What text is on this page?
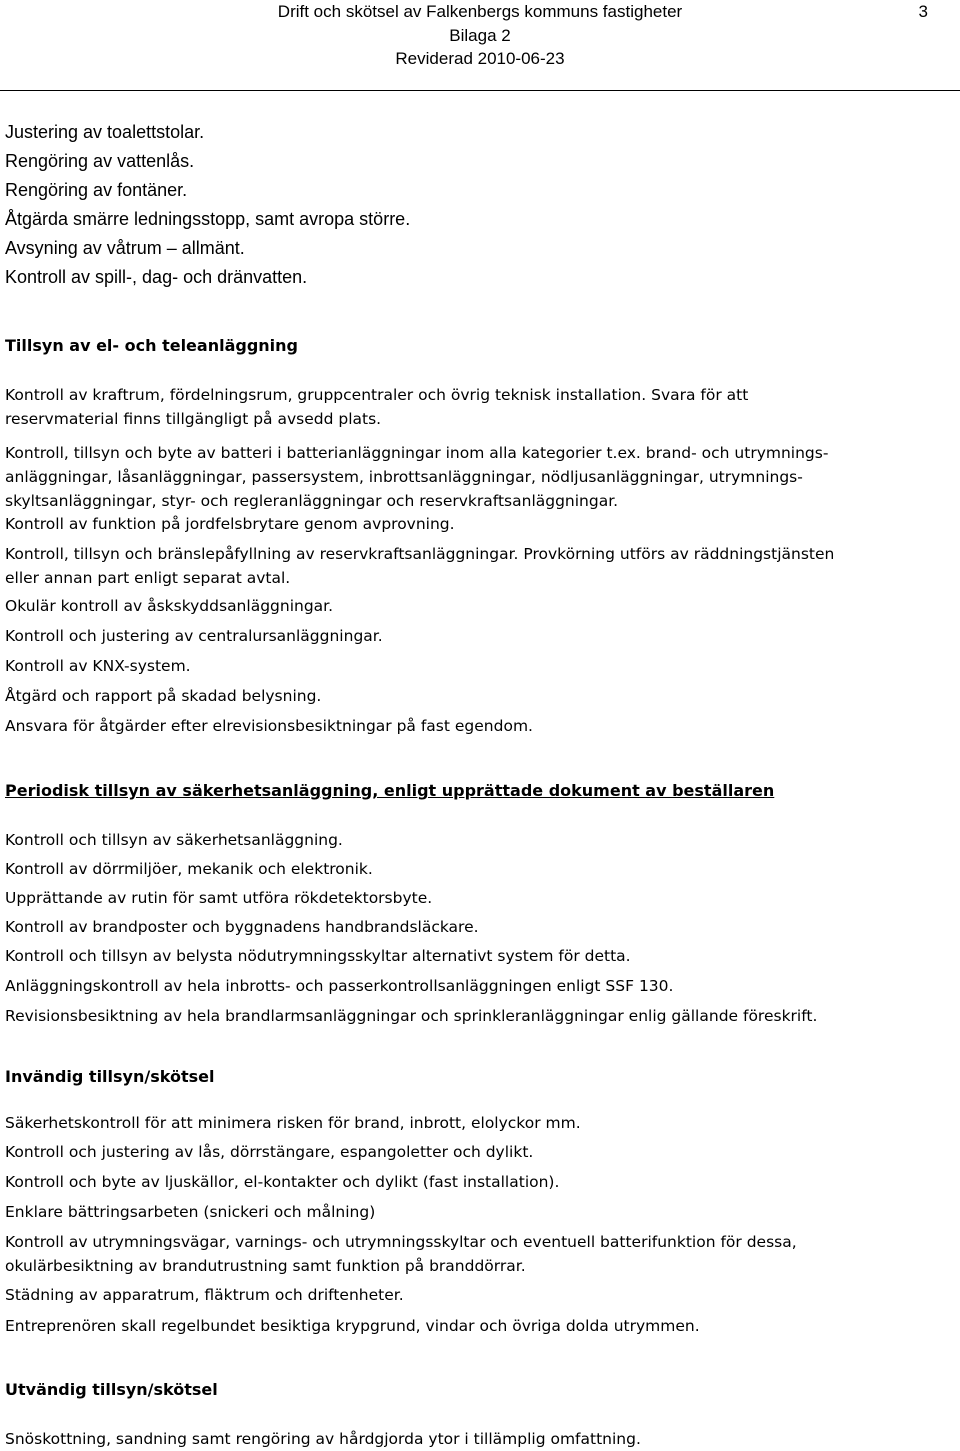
Drift och skötsel av Falkenbergs kommuns fastigheter
Bilaga 2
Reviderad 2010-06-23
3
Justering av toalettstolar.
Rengöring av vattenlås.
Rengöring av fontäner.
Åtgärda smärre ledningsstopp, samt avropa större.
Avsyning av våtrum – allmänt.
Kontroll av spill-, dag- och dränvatten.
Tillsyn av el- och teleanläggning
Kontroll av kraftrum, fördelningsrum, gruppcentraler och övrig teknisk installation. Svara för att
reservmaterial finns tillgängligt på avsedd plats.
Kontroll, tillsyn och byte av batteri i batterianläggningar inom alla kategorier t.ex. brand- och utrymnings-
anläggningar, låsanläggningar, passersystem, inbrottsanläggningar, nödljusanläggningar, utrymnings-
skyltsanläggningar, styr- och regleranläggningar och reservkraftsanläggningar.
Kontroll av funktion på jordfelsbrytare genom avprovning.
Kontroll, tillsyn och bränslepåfyllning av reservkraftsanläggningar. Provkörning utförs av räddningstjänsten
eller annan part enligt separat avtal.
Okulär kontroll av åskskyddsanläggningar.
Kontroll och justering av centralursanläggningar.
Kontroll av KNX-system.
Åtgärd och rapport på skadad belysning.
Ansvara för åtgärder efter elrevisionsbesiktningar på fast egendom.
Periodisk tillsyn av säkerhetsanläggning, enligt upprättade dokument av beställaren
Kontroll och tillsyn av säkerhetsanläggning.
Kontroll av dörrmiljöer, mekanik och elektronik.
Upprättande av rutin för samt utföra rökdetektorsbyte.
Kontroll av brandposter och byggnadens handbrandsläckare.
Kontroll och tillsyn av belysta nödutrymningsskyltar alternativt system för detta.
Anläggningskontroll av hela inbrotts- och passerkontrollsanläggningen enligt SSF 130.
Revisionsbesiktning av hela brandlarmsanläggningar och sprinkleranläggningar enlig gällande föreskrift.
Invändig tillsyn/skötsel
Säkerhetskontroll för att minimera risken för brand, inbrott, elolyckor mm.
Kontroll och justering av lås, dörrstängare, espangoletter och dylikt.
Kontroll och byte av ljuskällor, el-kontakter och dylikt (fast installation).
Enklare bättringsarbeten (snickeri och målning)
Kontroll av utrymningsvägar, varnings- och utrymningsskyltar och eventuell batterifunktion för dessa,
okulärbesiktning av brandutrustning samt funktion på branddörrar.
Städning av apparatrum, fläktrum och driftenheter.
Entreprenören skall regelbundet besiktiga krypgrund, vindar och övriga dolda utrymmen.
Utvändig tillsyn/skötsel
Snöskottning, sandning samt rengöring av hårdgjorda ytor i tillämplig omfattning.
